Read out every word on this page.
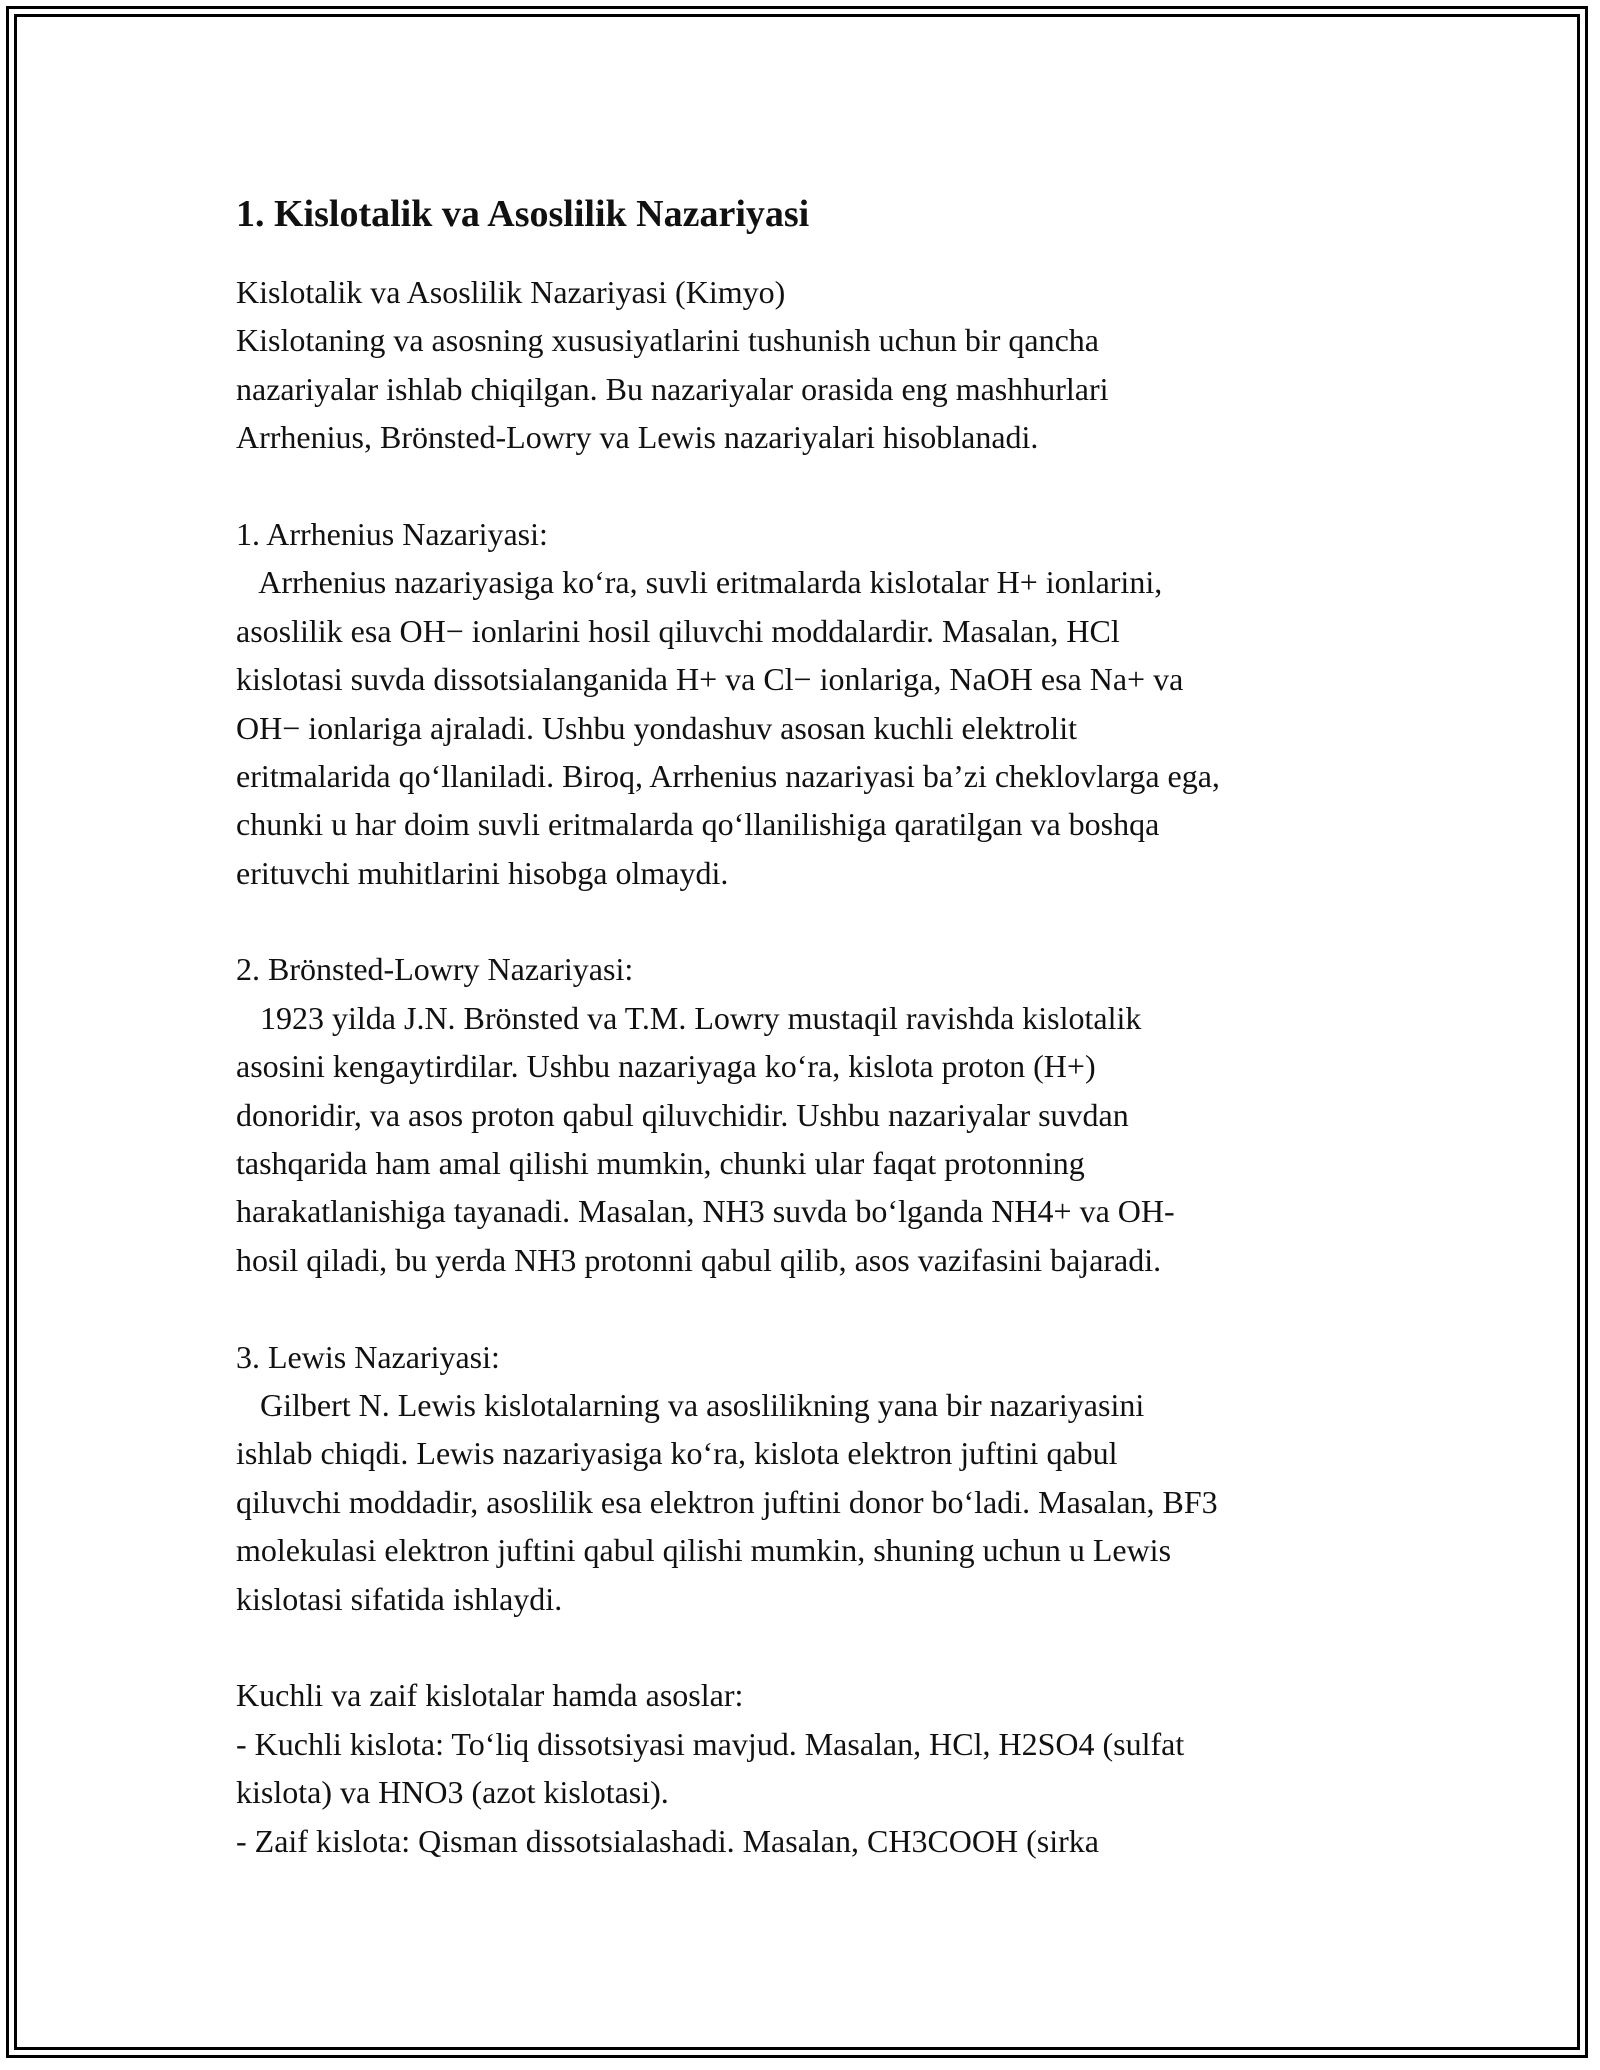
1. Kislotalik va Asoslilik Nazariyasi
Kislotalik va Asoslilik Nazariyasi (Kimyo)
Kislotaning va asosning xususiyatlarini tushunish uchun bir qancha
nazariyalar ishlab chiqilgan. Bu nazariyalar orasida eng mashhurlari
Arrhenius, Brönsted-Lowry va Lewis nazariyalari hisoblanadi.
1. Arrhenius Nazariyasi:
Arrhenius nazariyasiga ko‘ra, suvli eritmalarda kislotalar H+ ionlarini,
asoslilik esa OH− ionlarini hosil qiluvchi moddalardir. Masalan, HCl
kislotasi suvda dissotsialanganida H+ va Cl− ionlariga, NaOH esa Na+ va
OH− ionlariga ajraladi. Ushbu yondashuv asosan kuchli elektrolit
eritmalarida qo‘llaniladi. Biroq, Arrhenius nazariyasi ba’zi cheklovlarga ega,
chunki u har doim suvli eritmalarda qo‘llanilishiga qaratilgan va boshqa
erituvchi muhitlarini hisobga olmaydi.
2. Brönsted-Lowry Nazariyasi:
1923 yilda J.N. Brönsted va T.M. Lowry mustaqil ravishda kislotalik
asosini kengaytirdilar. Ushbu nazariyaga ko‘ra, kislota proton (H+)
donoridir, va asos proton qabul qiluvchidir. Ushbu nazariyalar suvdan
tashqarida ham amal qilishi mumkin, chunki ular faqat protonning
harakatlanishiga tayanadi. Masalan, NH3 suvda bo‘lganda NH4+ va OH-
hosil qiladi, bu yerda NH3 protonni qabul qilib, asos vazifasini bajaradi.
3. Lewis Nazariyasi:
Gilbert N. Lewis kislotalarning va asoslilikning yana bir nazariyasini
ishlab chiqdi. Lewis nazariyasiga ko‘ra, kislota elektron juftini qabul
qiluvchi moddadir, asoslilik esa elektron juftini donor bo‘ladi. Masalan, BF3
molekulasi elektron juftini qabul qilishi mumkin, shuning uchun u Lewis
kislotasi sifatida ishlaydi.
Kuchli va zaif kislotalar hamda asoslar:
- Kuchli kislota: To‘liq dissotsiyasi mavjud. Masalan, HCl, H2SO4 (sulfat
kislota) va HNO3 (azot kislotasi).
- Zaif kislota: Qisman dissotsialashadi. Masalan, CH3COOH (sirka
